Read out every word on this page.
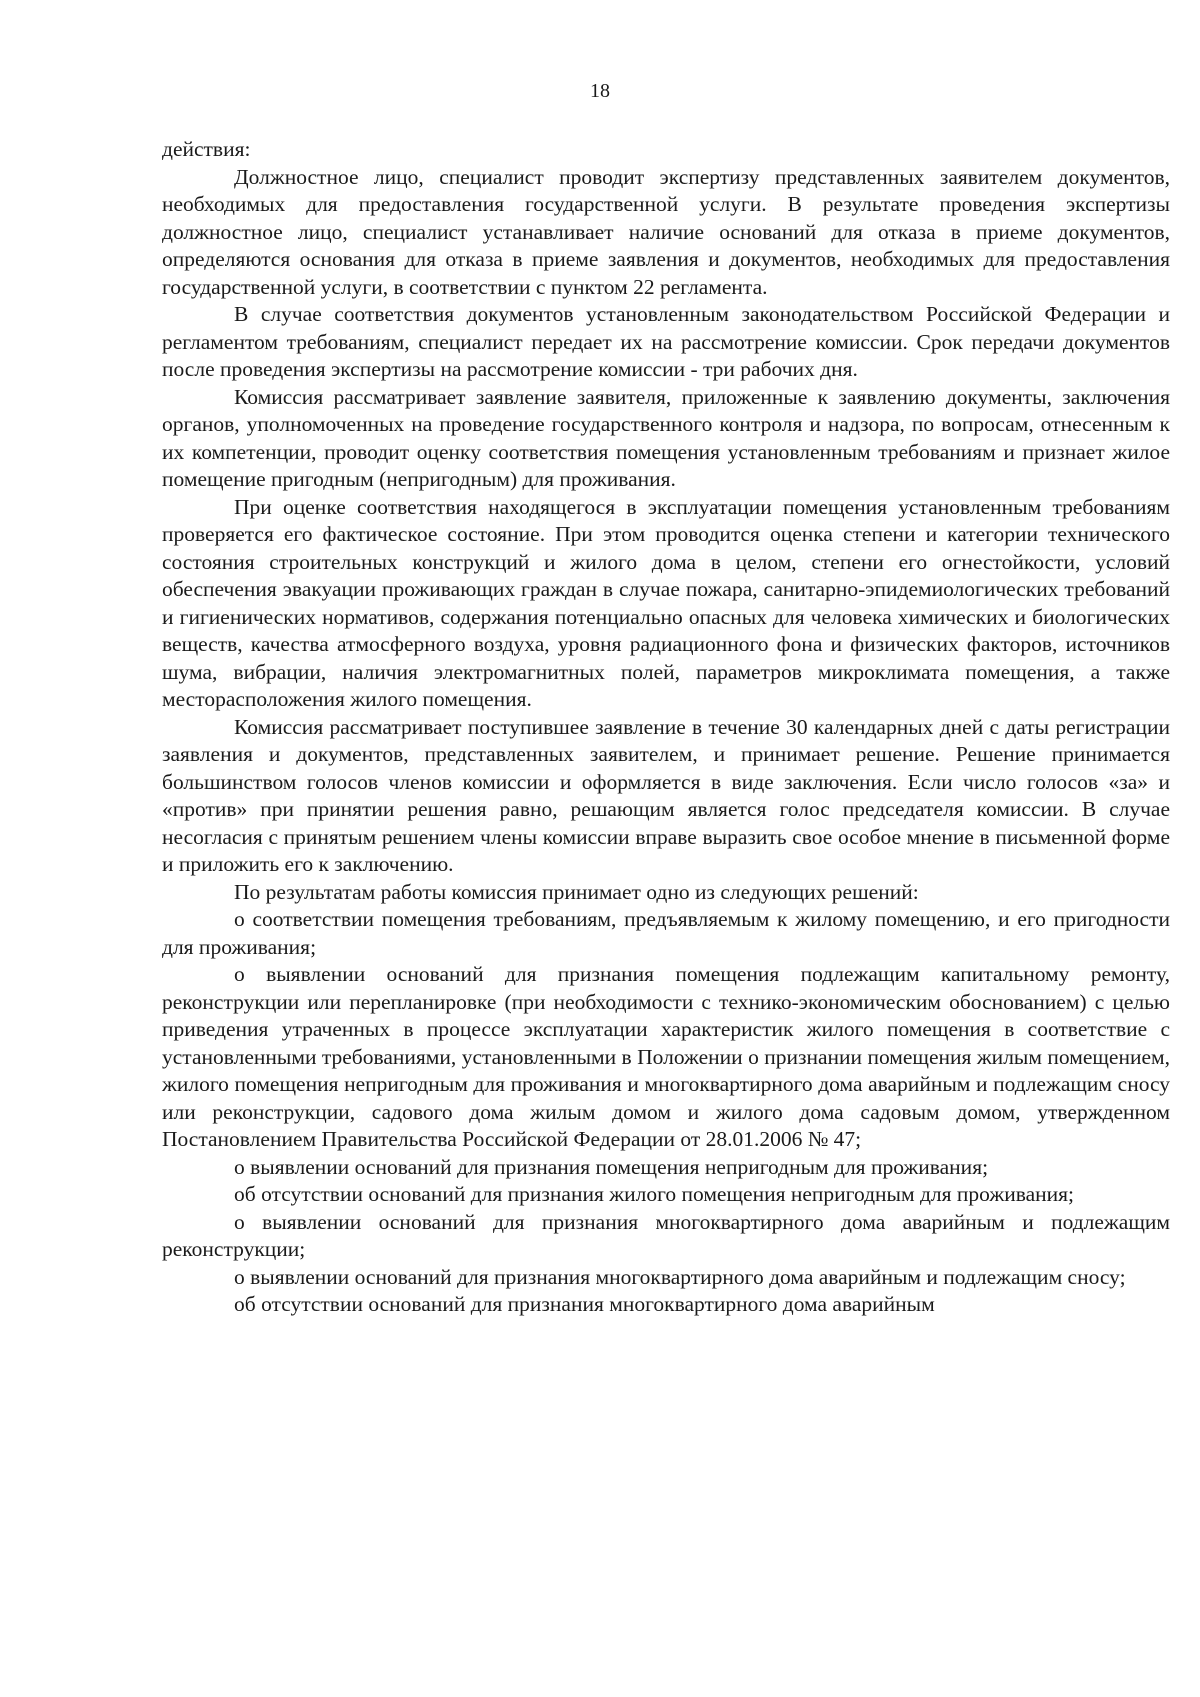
18

действия:

Должностное лицо, специалист проводит экспертизу представленных заявителем документов, необходимых для предоставления государственной услуги. В результате проведения экспертизы должностное лицо, специалист устанавливает наличие оснований для отказа в приеме документов, определяются основания для отказа в приеме заявления и документов, необходимых для предоставления государственной услуги, в соответствии с пунктом 22 регламента.

В случае соответствия документов установленным законодательством Российской Федерации и регламентом требованиям, специалист передает их на рассмотрение комиссии. Срок передачи документов после проведения экспертизы на рассмотрение комиссии - три рабочих дня.

Комиссия рассматривает заявление заявителя, приложенные к заявлению документы, заключения органов, уполномоченных на проведение государственного контроля и надзора, по вопросам, отнесенным к их компетенции, проводит оценку соответствия помещения установленным требованиям и признает жилое помещение пригодным (непригодным) для проживания.

При оценке соответствия находящегося в эксплуатации помещения установленным требованиям проверяется его фактическое состояние. При этом проводится оценка степени и категории технического состояния строительных конструкций и жилого дома в целом, степени его огнестойкости, условий обеспечения эвакуации проживающих граждан в случае пожара, санитарно-эпидемиологических требований и гигиенических нормативов, содержания потенциально опасных для человека химических и биологических веществ, качества атмосферного воздуха, уровня радиационного фона и физических факторов, источников шума, вибрации, наличия электромагнитных полей, параметров микроклимата помещения, а также месторасположения жилого помещения.

Комиссия рассматривает поступившее заявление в течение 30 календарных дней с даты регистрации заявления и документов, представленных заявителем, и принимает решение. Решение принимается большинством голосов членов комиссии и оформляется в виде заключения. Если число голосов «за» и «против» при принятии решения равно, решающим является голос председателя комиссии. В случае несогласия с принятым решением члены комиссии вправе выразить свое особое мнение в письменной форме и приложить его к заключению.

По результатам работы комиссия принимает одно из следующих решений:

о соответствии помещения требованиям, предъявляемым к жилому помещению, и его пригодности для проживания;

о выявлении оснований для признания помещения подлежащим капитальному ремонту, реконструкции или перепланировке (при необходимости с технико-экономическим обоснованием) с целью приведения утраченных в процессе эксплуатации характеристик жилого помещения в соответствие с установленными требованиями, установленными в Положении о признании помещения жилым помещением, жилого помещения непригодным для проживания и многоквартирного дома аварийным и подлежащим сносу или реконструкции, садового дома жилым домом и жилого дома садовым домом, утвержденном Постановлением Правительства Российской Федерации от 28.01.2006 № 47;

о выявлении оснований для признания помещения непригодным для проживания;

об отсутствии оснований для признания жилого помещения непригодным для проживания;

о выявлении оснований для признания многоквартирного дома аварийным и подлежащим реконструкции;

о выявлении оснований для признания многоквартирного дома аварийным и подлежащим сносу;

об отсутствии оснований для признания многоквартирного дома аварийным
